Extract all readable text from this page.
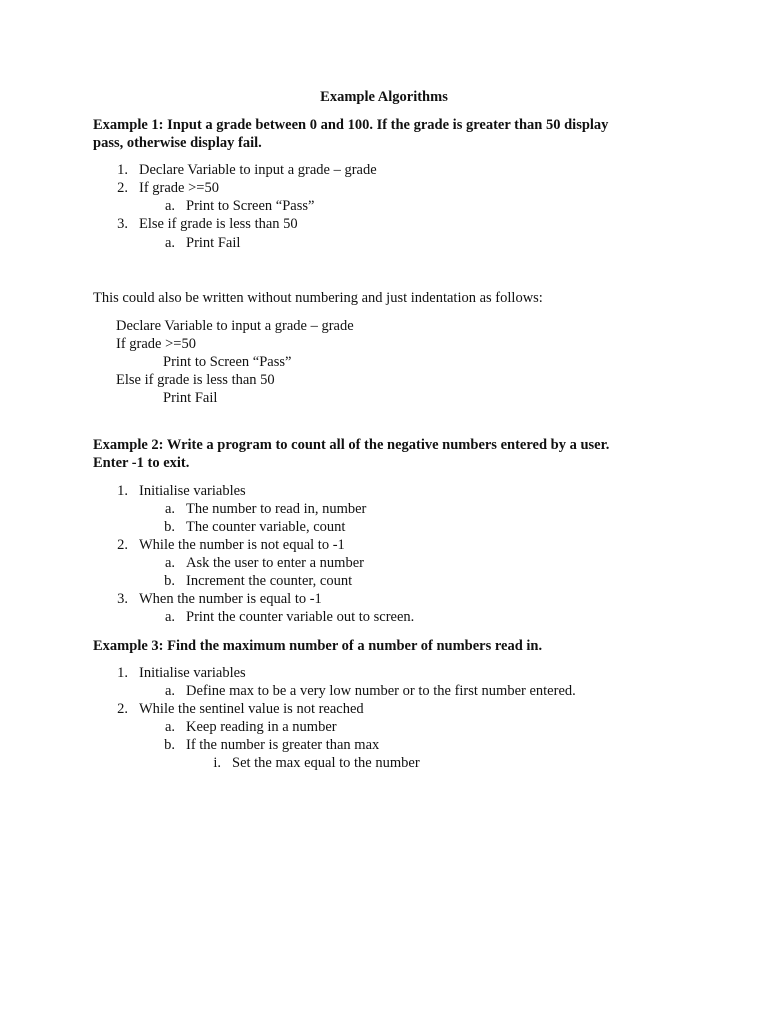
Example Algorithms
Example 1: Input a grade between 0 and 100. If the grade is greater than 50 display
pass, otherwise display fail.
1. Declare Variable to input a grade – grade
2. If grade >=50
a. Print to Screen “Pass”
3. Else if grade is less than 50
a. Print Fail
This could also be written without numbering and just indentation as follows:
Declare Variable to input a grade – grade
If grade >=50
Print to Screen “Pass”
Else if grade is less than 50
Print Fail
Example 2: Write a program to count all of the negative numbers entered by a user.
Enter -1 to exit.
1. Initialise variables
a. The number to read in, number
b. The counter variable, count
2. While the number is not equal to -1
a. Ask the user to enter a number
b. Increment the counter, count
3. When the number is equal to -1
a. Print the counter variable out to screen.
Example 3: Find the maximum number of a number of numbers read in.
1. Initialise variables
a. Define max to be a very low number or to the first number entered.
2. While the sentinel value is not reached
a. Keep reading in a number
b. If the number is greater than max
i. Set the max equal to the number
